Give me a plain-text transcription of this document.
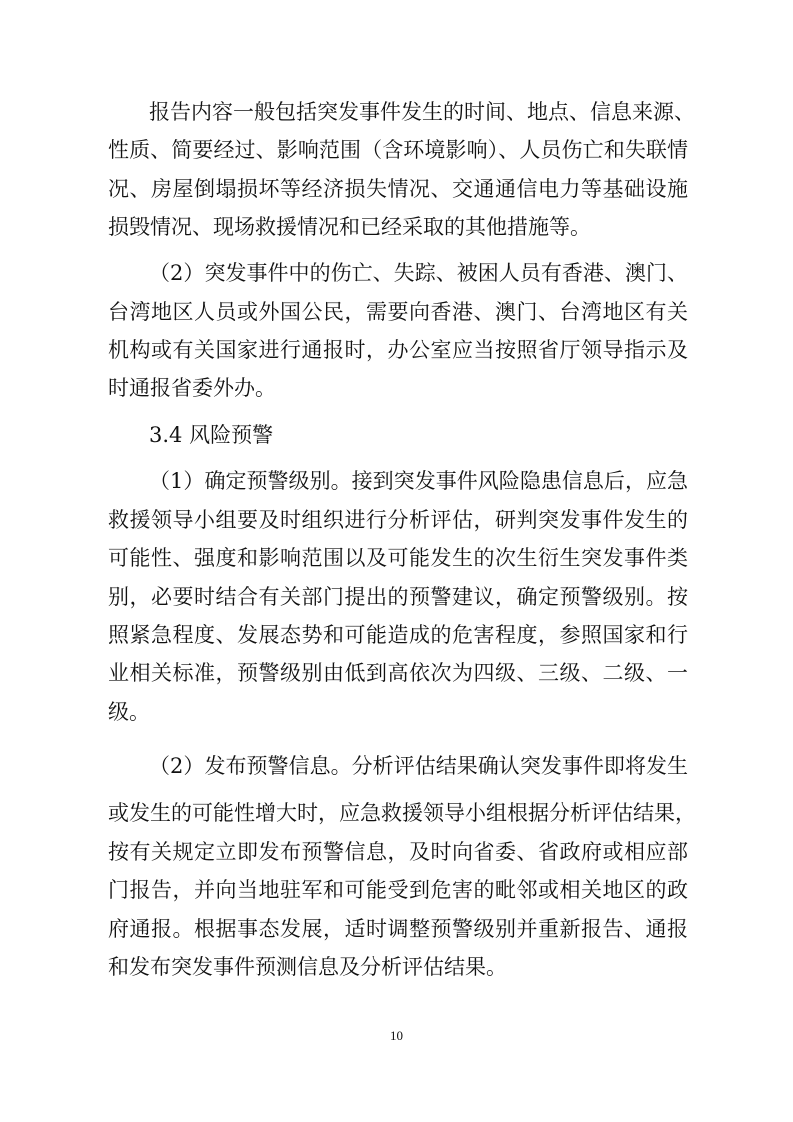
报告内容一般包括突发事件发生的时间、地点、信息来源、
性质、简要经过、影响范围（含环境影响）、人员伤亡和失联情
况、房屋倒塌损坏等经济损失情况、交通通信电力等基础设施
损毁情况、现场救援情况和已经采取的其他措施等。
（2）突发事件中的伤亡、失踪、被困人员有香港、澳门、
台湾地区人员或外国公民，需要向香港、澳门、台湾地区有关
机构或有关国家进行通报时，办公室应当按照省厅领导指示及
时通报省委外办。
3.4 风险预警
（1）确定预警级别。接到突发事件风险隐患信息后，应急
救援领导小组要及时组织进行分析评估，研判突发事件发生的
可能性、强度和影响范围以及可能发生的次生衍生突发事件类
别，必要时结合有关部门提出的预警建议，确定预警级别。按
照紧急程度、发展态势和可能造成的危害程度，参照国家和行
业相关标准，预警级别由低到高依次为四级、三级、二级、一
级。
（2）发布预警信息。分析评估结果确认突发事件即将发生
或发生的可能性增大时，应急救援领导小组根据分析评估结果，
按有关规定立即发布预警信息，及时向省委、省政府或相应部
门报告，并向当地驻军和可能受到危害的毗邻或相关地区的政
府通报。根据事态发展，适时调整预警级别并重新报告、通报
和发布突发事件预测信息及分析评估结果。
10
